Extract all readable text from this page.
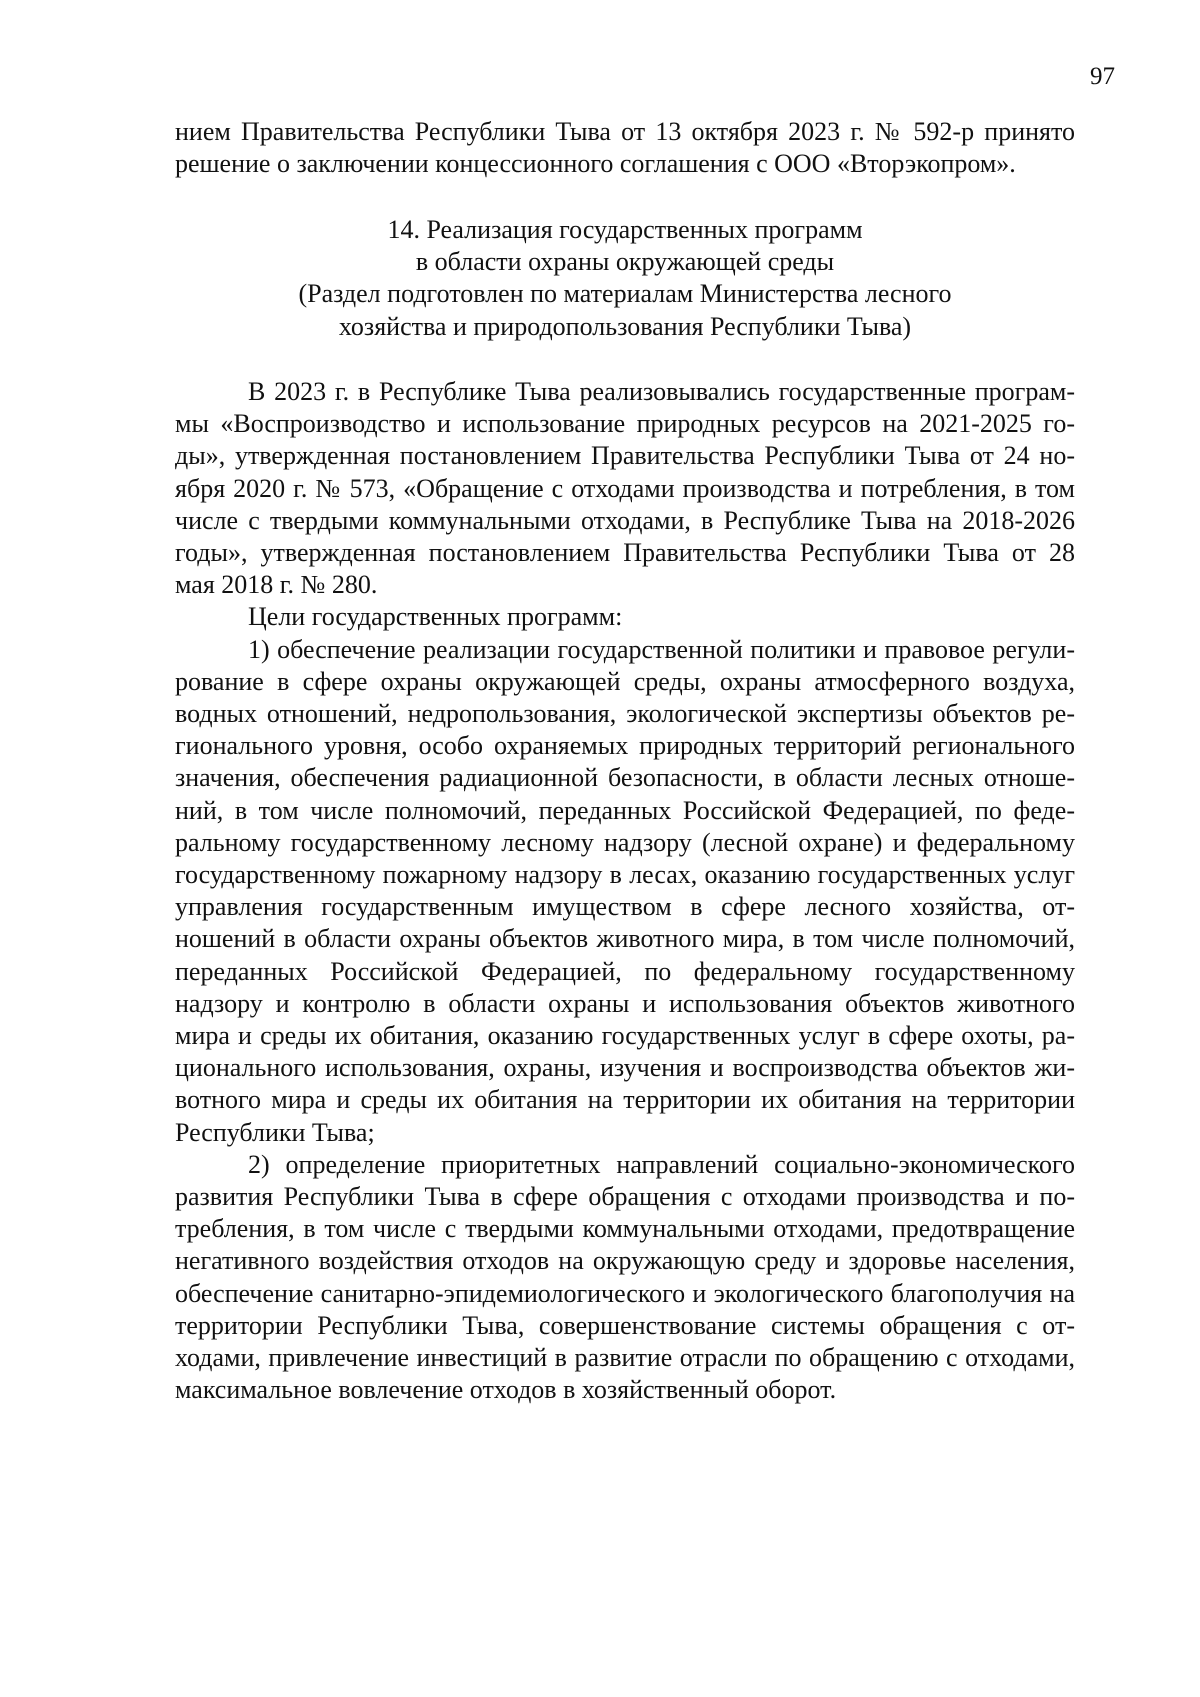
97

нием Правительства Республики Тыва от 13 октября 2023 г. № 592-р принято решение о заключении концессионного соглашения с ООО «Вторэкопром».

14. Реализация государственных программ
в области охраны окружающей среды
(Раздел подготовлен по материалам Министерства лесного
хозяйства и природопользования Республики Тыва)

В 2023 г. в Республике Тыва реализовывались государственные программы «Воспроизводство и использование природных ресурсов на 2021-2025 годы», утвержденная постановлением Правительства Республики Тыва от 24 ноября 2020 г. № 573, «Обращение с отходами производства и потребления, в том числе с твердыми коммунальными отходами, в Республике Тыва на 2018-2026 годы», утвержденная постановлением Правительства Республики Тыва от 28 мая 2018 г. № 280.

Цели государственных программ:

1) обеспечение реализации государственной политики и правовое регулирование в сфере охраны окружающей среды, охраны атмосферного воздуха, водных отношений, недропользования, экологической экспертизы объектов регионального уровня, особо охраняемых природных территорий регионального значения, обеспечения радиационной безопасности, в области лесных отношений, в том числе полномочий, переданных Российской Федерацией, по федеральному государственному лесному надзору (лесной охране) и федеральному государственному пожарному надзору в лесах, оказанию государственных услуг управления государственным имуществом в сфере лесного хозяйства, отношений в области охраны объектов животного мира, в том числе полномочий, переданных Российской Федерацией, по федеральному государственному надзору и контролю в области охраны и использования объектов животного мира и среды их обитания, оказанию государственных услуг в сфере охоты, рационального использования, охраны, изучения и воспроизводства объектов животного мира и среды их обитания на территории их обитания на территории Республики Тыва;

2) определение приоритетных направлений социально-экономического развития Республики Тыва в сфере обращения с отходами производства и потребления, в том числе с твердыми коммунальными отходами, предотвращение негативного воздействия отходов на окружающую среду и здоровье населения, обеспечение санитарно-эпидемиологического и экологического благополучия на территории Республики Тыва, совершенствование системы обращения с отходами, привлечение инвестиций в развитие отрасли по обращению с отходами, максимальное вовлечение отходов в хозяйственный оборот.
